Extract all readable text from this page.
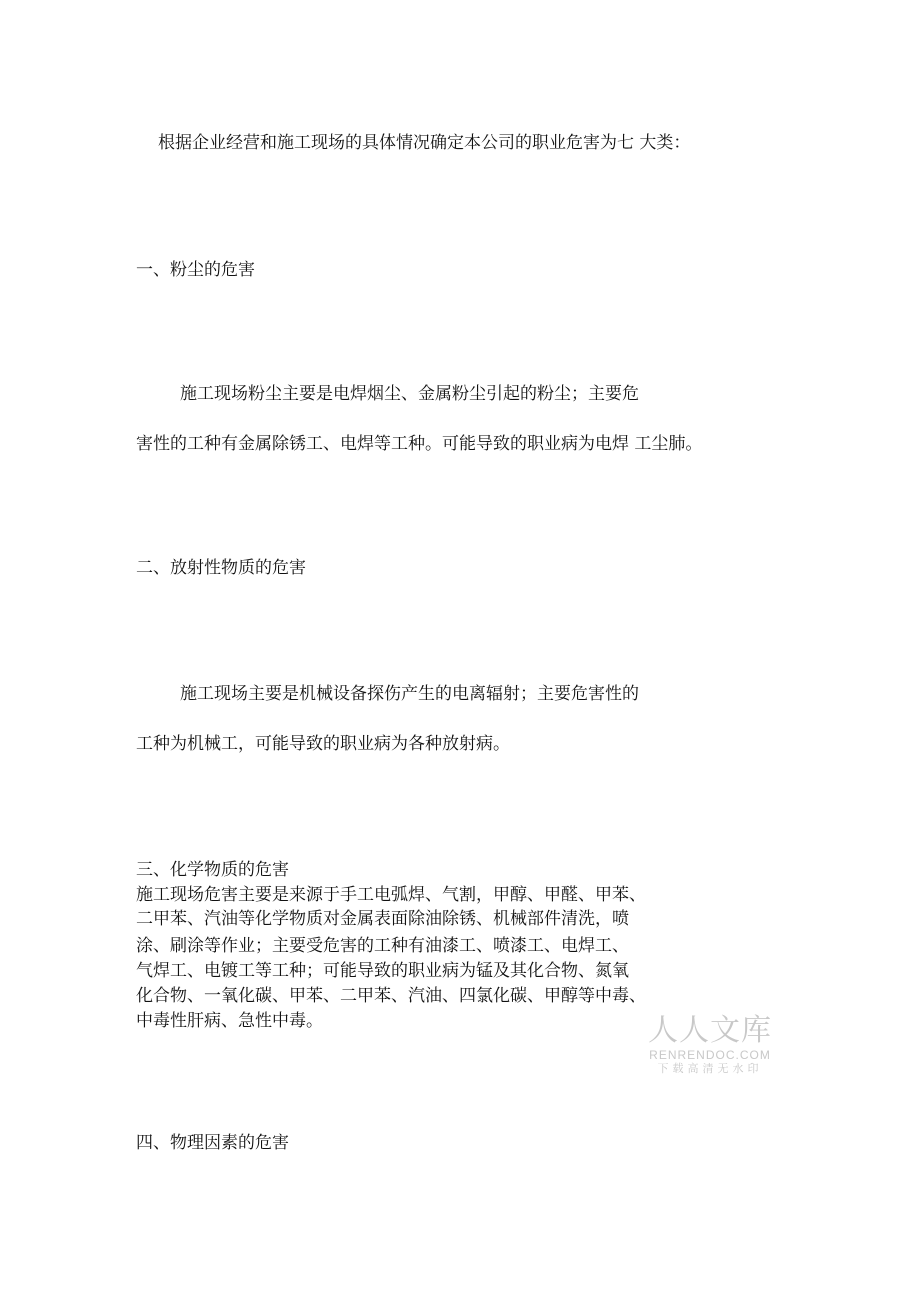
根据企业经营和施工现场的具体情况确定本公司的职业危害为七 大类：

一、粉尘的危害

施工现场粉尘主要是电焊烟尘、金属粉尘引起的粉尘；主要危

害性的工种有金属除锈工、电焊等工种。可能导致的职业病为电焊 工尘肺。

二、放射性物质的危害

施工现场主要是机械设备探伤产生的电离辐射；主要危害性的

工种为机械工，可能导致的职业病为各种放射病。

三、化学物质的危害

施工现场危害主要是来源于手工电弧焊、气割，甲醇、甲醛、甲苯、

二甲苯、汽油等化学物质对金属表面除油除锈、机械部件清洗，喷

涂、刷涂等作业；主要受危害的工种有油漆工、喷漆工、电焊工、

气焊工、电镀工等工种；可能导致的职业病为锰及其化合物、氮氧

化合物、一氧化碳、甲苯、二甲苯、汽油、四氯化碳、甲醇等中毒、

中毒性肝病、急性中毒。

四、物理因素的危害

人人文库
RENRENDOC.COM
下载高清无水印
